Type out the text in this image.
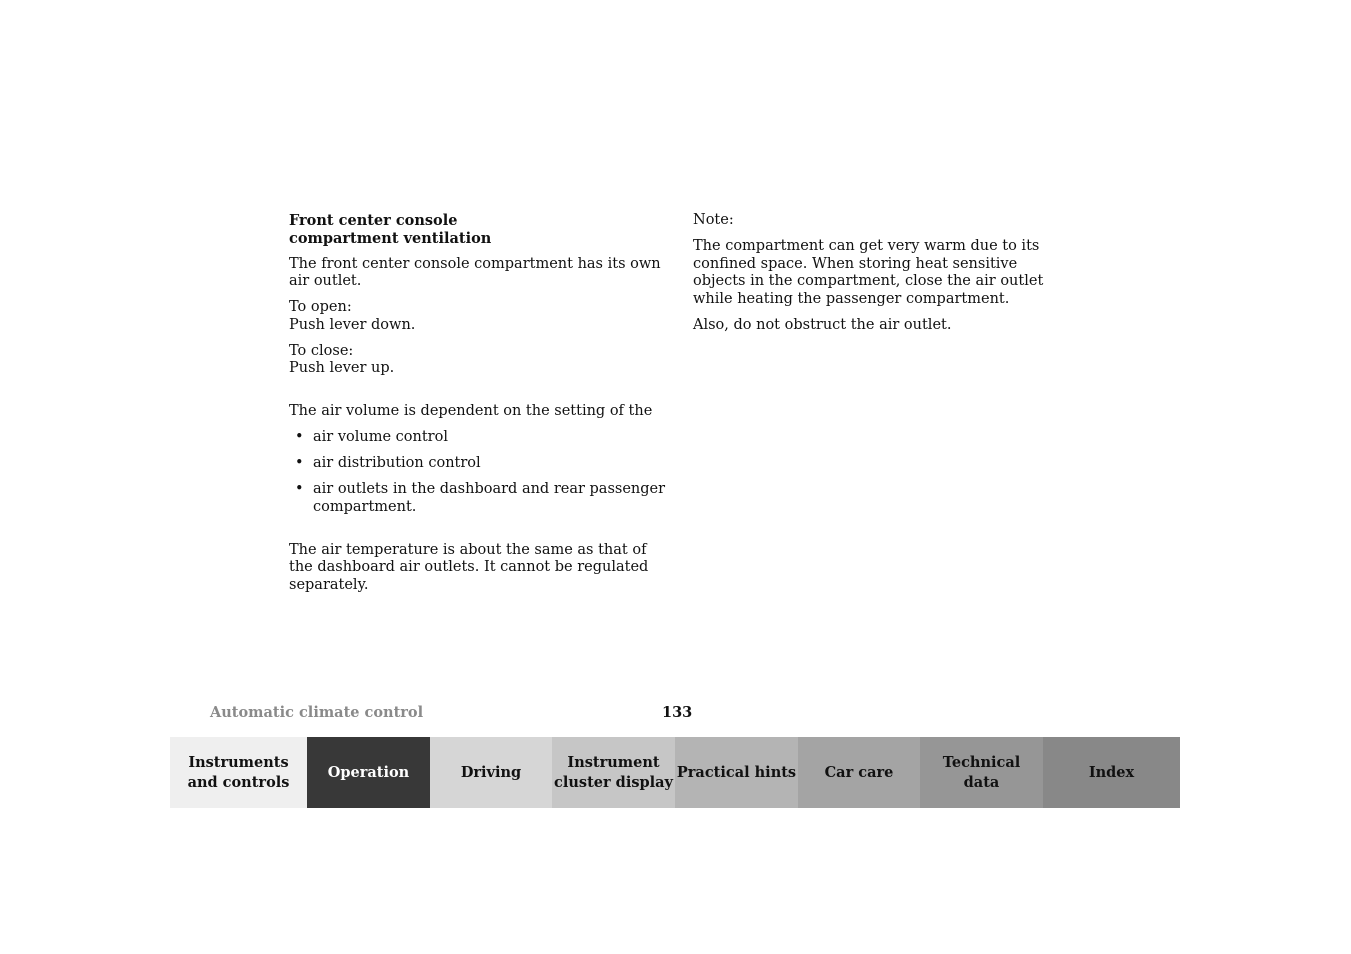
Front center console
compartment ventilation

The front center console compartment has its own air outlet.

To open:
Push lever down.

To close:
Push lever up.

The air volume is dependent on the setting of the

• air volume control
• air distribution control
• air outlets in the dashboard and rear passenger compartment.

The air temperature is about the same as that of the dashboard air outlets. It cannot be regulated separately.

Note:

The compartment can get very warm due to its confined space. When storing heat sensitive objects in the compartment, close the air outlet while heating the passenger compartment.

Also, do not obstruct the air outlet.

Automatic climate control	133
Instruments
and controls
Operation	Driving
Instrument
cluster display
Practical hints Car care
Technical
data
Index
